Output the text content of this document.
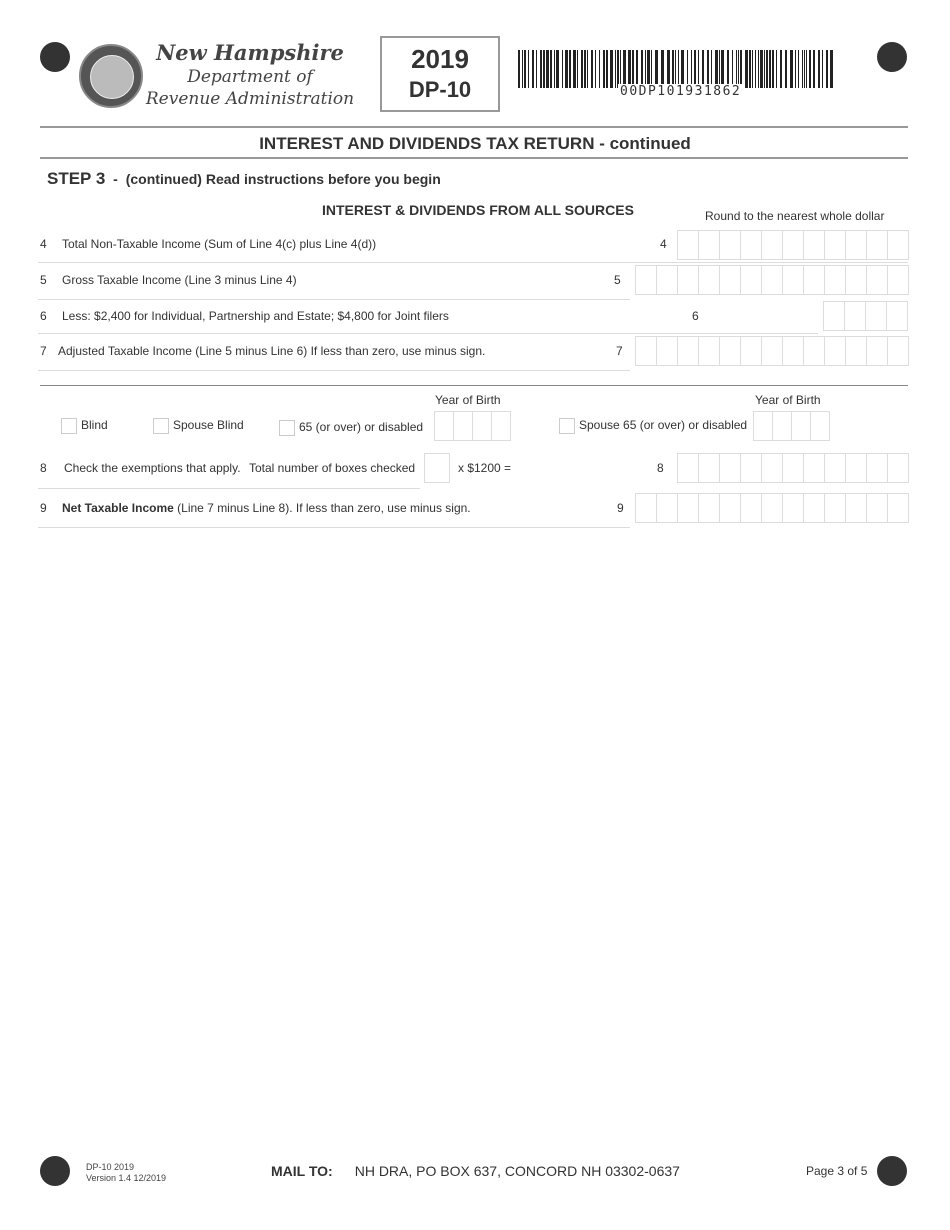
New Hampshire
Department of
Revenue Administration
2019
DP-10	00DP101931862
INTEREST AND DIVIDENDS TAX RETURN - continued
STEP 3 - (continued) Read instructions before you begin
INTEREST & DIVIDENDS FROM ALL SOURCES	Round to the nearest whole dollar
4 Total Non-Taxable Income (Sum of Line 4(c) plus Line 4(d))	4
5 Gross Taxable Income (Line 3 minus Line 4)	5
6 Less: $2,400 for Individual, Partnership and Estate; $4,800 for Joint filers	6
7 Adjusted Taxable Income (Line 5 minus Line 6) If less than zero, use minus sign.	7
Year of Birth	Year of Birth
Blind	Spouse Blind	65 (or over) or disabled	Spouse 65 (or over) or disabled
8 Check the exemptions that apply. Total number of boxes checked	x $1200 =	8
9 Net Taxable Income (Line 7 minus Line 8). If less than zero, use minus sign.	9
DP-10 2019
Version 1.4 12/2019	MAIL TO: NH DRA, PO BOX 637, CONCORD NH 03302-0637	Page 3 of 5
